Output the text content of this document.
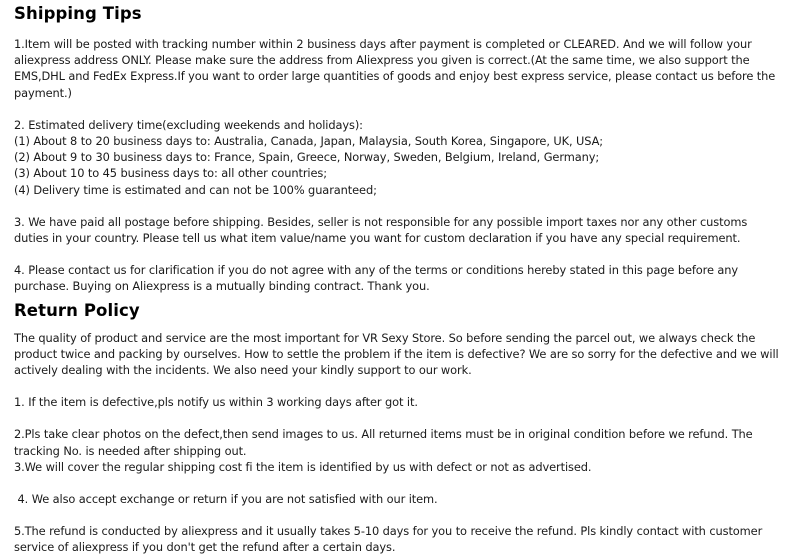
Shipping Tips

1.Item will be posted with tracking number within 2 business days after payment is completed or CLEARED. And we will follow your aliexpress address ONLY. Please make sure the address from Aliexpress you given is correct.(At the same time, we also support the EMS,DHL and FedEx Express.If you want to order large quantities of goods and enjoy best express service, please contact us before the payment.)

2. Estimated delivery time(excluding weekends and holidays):
(1) About 8 to 20 business days to: Australia, Canada, Japan, Malaysia, South Korea, Singapore, UK, USA;
(2) About 9 to 30 business days to: France, Spain, Greece, Norway, Sweden, Belgium, Ireland, Germany;
(3) About 10 to 45 business days to: all other countries;
(4) Delivery time is estimated and can not be 100% guaranteed;

3. We have paid all postage before shipping. Besides, seller is not responsible for any possible import taxes nor any other customs duties in your country. Please tell us what item value/name you want for custom declaration if you have any special requirement.

4. Please contact us for clarification if you do not agree with any of the terms or conditions hereby stated in this page before any purchase. Buying on Aliexpress is a mutually binding contract. Thank you.

Return Policy

The quality of product and service are the most important for VR Sexy Store. So before sending the parcel out, we always check the product twice and packing by ourselves. How to settle the problem if the item is defective? We are so sorry for the defective and we will actively dealing with the incidents. We also need your kindly support to our work.

1. If the item is defective,pls notify us within 3 working days after got it.

2.Pls take clear photos on the defect,then send images to us. All returned items must be in original condition before we refund. The tracking No. is needed after shipping out.

3.We will cover the regular shipping cost fi the item is identified by us with defect or not as advertised.
4. We also accept exchange or return if you are not satisfied with our item.

5.The refund is conducted by aliexpress and it usually takes 5-10 days for you to receive the refund. Pls kindly contact with customer service of aliexpress if you don't get the refund after a certain days.
